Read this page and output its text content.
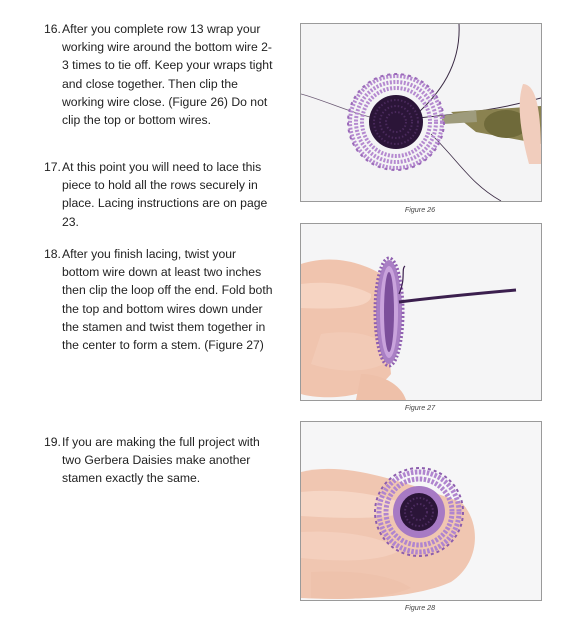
16. After you complete row 13 wrap your working wire around the bottom wire 2-3 times to tie off. Keep your wraps tight and close together. Then clip the working wire close. (Figure 26) Do not clip the top or bottom wires.
17. At this point you will need to lace this piece to hold all the rows securely in place. Lacing instructions are on page 23.
18. After you finish lacing, twist your bottom wire down at least two inches then clip the loop off the end. Fold both the top and bottom wires down under the stamen and twist them together in the center to form a stem. (Figure 27)
19. If you are making the full project with two Gerbera Daisies make another stamen exactly the same.
Figure 26
Figure 27
Figure 28
